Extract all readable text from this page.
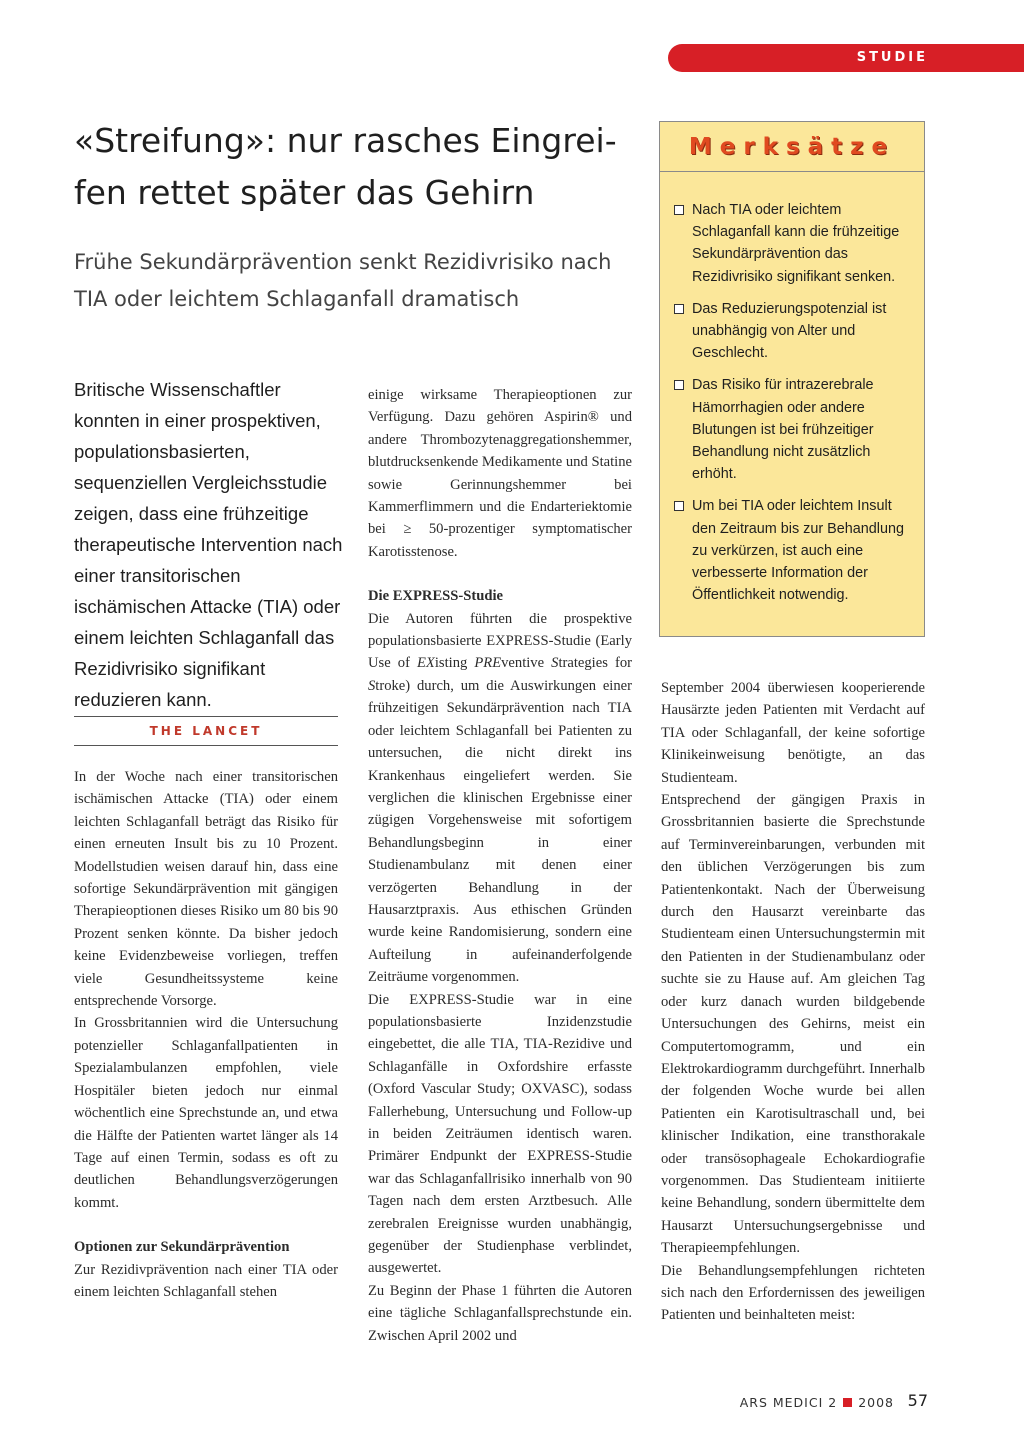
STUDIE
«Streifung»: nur rasches Eingrei-fen rettet später das Gehirn
Frühe Sekundärprävention senkt Rezidivrisiko nach TIA oder leichtem Schlaganfall dramatisch
Britische Wissenschaftler konnten in einer prospektiven, populationsbasierten, sequenziellen Vergleichsstudie zeigen, dass eine frühzeitige therapeutische Intervention nach einer transitorischen ischämischen Attacke (TIA) oder einem leichten Schlaganfall das Rezidivrisiko signifikant reduzieren kann.
THE LANCET

In der Woche nach einer transitorischen ischämischen Attacke (TIA) oder einem leichten Schlaganfall beträgt das Risiko für einen erneuten Insult bis zu 10 Prozent. Modellstudien weisen darauf hin, dass eine sofortige Sekundärprävention mit gängigen Therapieoptionen dieses Risiko um 80 bis 90 Prozent senken könnte. Da bisher jedoch keine Evidenzbeweise vorliegen, treffen viele Gesundheitssysteme keine entsprechende Vorsorge.

In Grossbritannien wird die Untersuchung potenzieller Schlaganfallpatienten in Spezialambulanzen empfohlen, viele Hospitäler bieten jedoch nur einmal wöchentlich eine Sprechstunde an, und etwa die Hälfte der Patienten wartet länger als 14 Tage auf einen Termin, sodass es oft zu deutlichen Behandlungsverzögerungen kommt.

Optionen zur Sekundärprävention

Zur Rezidivprävention nach einer TIA oder einem leichten Schlaganfall stehen

einige wirksame Therapieoptionen zur Verfügung. Dazu gehören Aspirin® und andere Thrombozytenaggregationshemmer, blutdrucksenkende Medikamente und Statine sowie Gerinnungshemmer bei Kammerflimmern und die Endarteriektomie bei ≥ 50-prozentiger symptomatischer Karotisstenose.

Die EXPRESS-Studie

Die Autoren führten die prospektive populationsbasierte EXPRESS-Studie (Early Use of EXisting PREventive Strategies for Stroke) durch, um die Auswirkungen einer frühzeitigen Sekundärprävention nach TIA oder leichtem Schlaganfall bei Patienten zu untersuchen, die nicht direkt ins Krankenhaus eingeliefert werden. Sie verglichen die klinischen Ergebnisse einer zügigen Vorgehensweise mit sofortigem Behandlungsbeginn in einer Studienambulanz mit denen einer verzögerten Behandlung in der Hausarztpraxis. Aus ethischen Gründen wurde keine Randomisierung, sondern eine Aufteilung in aufeinanderfolgende Zeiträume vorgenommen.

Die EXPRESS-Studie war in eine populationsbasierte Inzidenzstudie eingebettet, die alle TIA, TIA-Rezidive und Schlaganfälle in Oxfordshire erfasste (Oxford Vascular Study; OXVASC), sodass Fallerhebung, Untersuchung und Follow-up in beiden Zeiträumen identisch waren. Primärer Endpunkt der EXPRESS-Studie war das Schlaganfallrisiko innerhalb von 90 Tagen nach dem ersten Arztbesuch. Alle zerebralen Ereignisse wurden unabhängig, gegenüber der Studienphase verblindet, ausgewertet.

Zu Beginn der Phase 1 führten die Autoren eine tägliche Schlaganfallsprechstunde ein. Zwischen April 2002 und

September 2004 überwiesen kooperierende Hausärzte jeden Patienten mit Verdacht auf TIA oder Schlaganfall, der keine sofortige Klinikeinweisung benötigte, an das Studienteam.

Entsprechend der gängigen Praxis in Grossbritannien basierte die Sprechstunde auf Terminvereinbarungen, verbunden mit den üblichen Verzögerungen bis zum Patientenkontakt. Nach der Überweisung durch den Hausarzt vereinbarte das Studienteam einen Untersuchungstermin mit den Patienten in der Studienambulanz oder suchte sie zu Hause auf. Am gleichen Tag oder kurz danach wurden bildgebende Untersuchungen des Gehirns, meist ein Computertomogramm, und ein Elektrokardiogramm durchgeführt. Innerhalb der folgenden Woche wurde bei allen Patienten ein Karotisultraschall und, bei klinischer Indikation, eine transthorakale oder transösophageale Echokardiografie vorgenommen. Das Studienteam initiierte keine Behandlung, sondern übermittelte dem Hausarzt Untersuchungsergebnisse und Therapieempfehlungen.

Die Behandlungsempfehlungen richteten sich nach den Erfordernissen des jeweiligen Patienten und beinhalteten meist:

Merksätze
Nach TIA oder leichtem Schlaganfall kann die frühzeitige Sekundärprävention das Rezidivrisiko signifikant senken.
Das Reduzierungspotenzial ist unabhängig von Alter und Geschlecht.
Das Risiko für intrazerebrale Hämorrhagien oder andere Blutungen ist bei frühzeitiger Behandlung nicht zusätzlich erhöht.
Um bei TIA oder leichtem Insult den Zeitraum bis zur Behandlung zu verkürzen, ist auch eine verbesserte Information der Öffentlichkeit notwendig.
ARS MEDICI 2 2008 57
